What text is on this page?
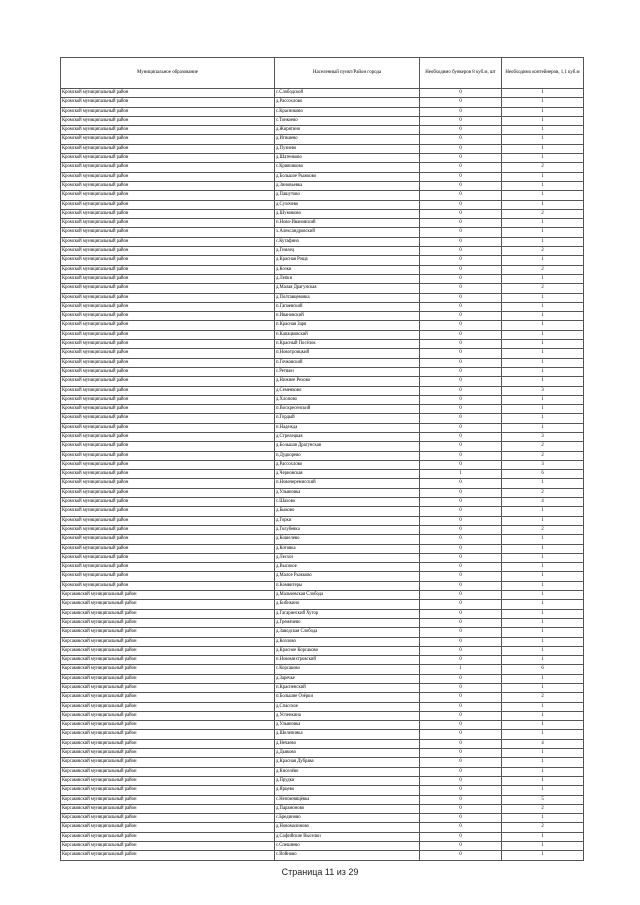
Муниципальное образование	Населенный пункт/Район города	Необходимо бункеров 8 куб.м, шт	Необходимо контейнеров, 1,1 куб.м
Кромской муниципальный район	с.Слободской	0	1
Кромской муниципальный район	д.Рассохлово	0	1
Кромской муниципальный район	с.Красниково	0	1
Кромской муниципальный район	с.Тонкоево	0	1
Кромской муниципальный район	д.Жирятино	0	1
Кромской муниципальный район	д.Игишево	0	1
Кромской муниципальный район	д.Пузиево	0	1
Кромской муниципальный район	д.Шатенково	0	1
Кромской муниципальный район	с.Кривчиково	0	2
Кромской муниципальный район	д.Большое Рыжково	0	1
Кромской муниципальный район	д.Зиновьевка	0	1
Кромской муниципальный район	д.Пашутово	0	1
Кромской муниципальный район	д.Сухочево	0	1
Кромской муниципальный район	д.Шумиково	0	2
Кромской муниципальный район	п.Ново-Ивановский	0	1
Кромской муниципальный район	х.Александровский	0	1
Кромской муниципальный район	с.Кутафино	0	1
Кромской муниципальный район	д.Гнилец	0	2
Кромской муниципальный район	д.Красная Роща	0	1
Кромской муниципальный район	д.Козки	0	2
Кромской муниципальный район	д.Лепки	0	1
Кромской муниципальный район	д.Малая Драгунская	0	2
Кромской муниципальный район	д.Полтавцевовка	0	1
Кромской муниципальный район	п.Гапаевский	0	1
Кромской муниципальный район	п.Ивановский	0	1
Кромской муниципальный район	п.Красная Заря	0	1
Кромской муниципальный район	п.Капацковский	0	1
Кромской муниципальный район	п.Красный Посёлок	0	1
Кромской муниципальный район	п.Новотроицкий	0	1
Кромской муниципальный район	п.Гочковский	0	1
Кромской муниципальный район	с.Ретяжи	0	1
Кромской муниципальный район	д.Нижнее Рехово	0	1
Кромской муниципальный район	д.Семенково	0	3
Кромской муниципальный район	д.Хлопово	0	1
Кромской муниципальный район	п.Воскресенский	0	1
Кромской муниципальный район	п.Гордый	0	1
Кромской муниципальный район	п.Надежда	0	1
Кромской муниципальный район	д.Стрелецкая	0	3
Кромской муниципальный район	д.Большая Драгунская	0	2
Кромской муниципальный район	п.Дудкорево	0	2
Кромской муниципальный район	д.Рассохлово	0	3
Кромской муниципальный район	д.Черновская	1	6
Кромской муниципальный район	п.Новочеремисский	0	1
Кромской муниципальный район	д.Ульяновка	0	2
Кромской муниципальный район	с.Шахово	0	4
Кромской муниципальный район	д.Быково	0	1
Кромской муниципальный район	д.Горки	0	1
Кромской муниципальный район	д.Голубевка	0	2
Кромской муниципальный район	д.Кошелево	0	1
Кромской муниципальный район	д.Котовка	0	1
Кромской муниципальный район	д.Лесхоз	0	1
Кромской муниципальный район	д.Высокое	0	1
Кромской муниципальный район	д.Малое Рыжково	0	1
Кромской муниципальный район	п.Комвитеры	0	1
Корсаковский муниципальный район	д.Мальчевская Слобода	0	1
Корсаковский муниципальный район	д.Бибикино	0	1
Корсаковский муниципальный район	д.Гагаринский Хутор	0	1
Корсаковский муниципальный район	д.Гремячево	0	1
Корсаковский муниципальный район	д.Заводская Слобода	0	1
Корсаковский муниципальный район	д.Козлово	0	1
Корсаковский муниципальный район	д.Красное Корсаково	0	1
Корсаковский муниципальный район	п.Новомихтровский	0	1
Корсаковский муниципальный район	с.Корсаково	1	6
Корсаковский муниципальный район	д.Заречье	0	1
Корсаковский муниципальный район	п.Красненский	0	1
Корсаковский муниципальный район	п.Большие Озёрки	0	2
Корсаковский муниципальный район	д.Спасское	0	1
Корсаковский муниципальный район	д.Успенкина	0	1
Корсаковский муниципальный район	д.Ульяновка	0	1
Корсаковский муниципальный район	д.Шелепинка	0	1
Корсаковский муниципальный район	д.Нечаево	0	4
Корсаковский муниципальный район	д.Дьяково	0	1
Корсаковский муниципальный район	д.Красная Дубрава	0	1
Корсаковский муниципальный район	д.Киселёво	0	1
Корсаковский муниципальный район	д.Прудки	0	1
Корсаковский муниципальный район	д.Ярцево	0	1
Корсаковский муниципальный район	с.Непомнящёвка	0	5
Корсаковский муниципальный район	д.Парамоново	0	2
Корсаковский муниципальный район	с.Брединово	0	1
Корсаковский муниципальный район	д.Новомалиново	0	2
Корсаковский муниципальный район	д.Софийские Выселки	0	1
Корсаковский муниципальный район	с.Спешнево	0	1
Корсаковский муниципальный район	с.Войново	0	1
Страница 11 из 29
